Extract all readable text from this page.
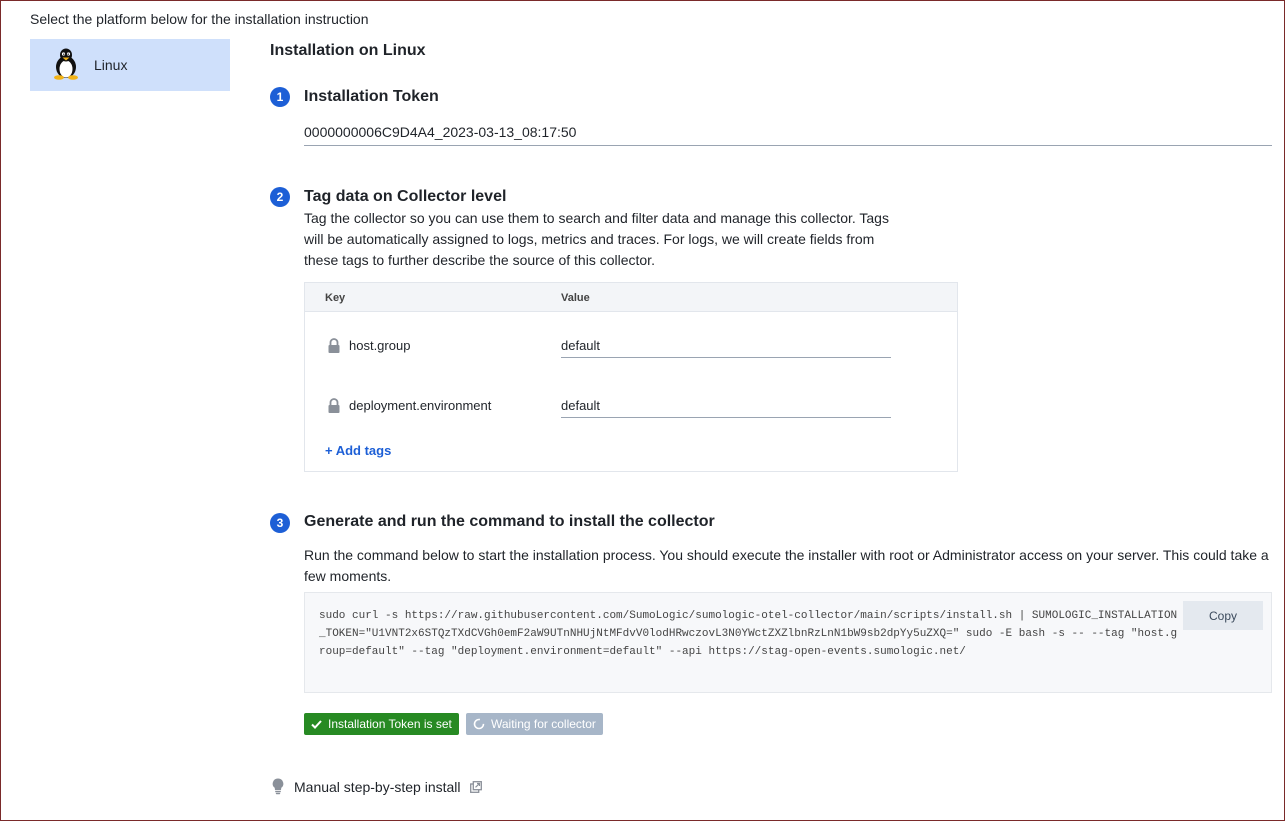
Select the platform below for the installation instruction
Linux
Installation on Linux
1	Installation Token
0000000006C9D4A4_2023-03-13_08:17:50
2	Tag data on Collector level
Tag the collector so you can use them to search and filter data and manage this collector. Tags will be automatically assigned to logs, metrics and traces. For logs, we will create fields from these tags to further describe the source of this collector.
Key	Value
host.group	default
deployment.environment	default
+ Add tags
3	Generate and run the command to install the collector
Run the command below to start the installation process. You should execute the installer with root or Administrator access on your server. This could take a few moments.
sudo curl -s https://raw.githubusercontent.com/SumoLogic/sumologic-otel-collector/main/scripts/install.sh | SUMOLOGIC_INSTALLATION_TOKEN="U1VNT2x6STQzTXdCVGh0emF2aW9UTnNHUjNtMFdvV0lodHRwczovL3N0YWctZXZlbnRzLnN1bW9sb2dpYy5uZXQ=" sudo -E bash -s -- --tag "host.group=default" --tag "deployment.environment=default" --api https://stag-open-events.sumologic.net/
Copy
Installation Token is set	Waiting for collector
Manual step-by-step install
